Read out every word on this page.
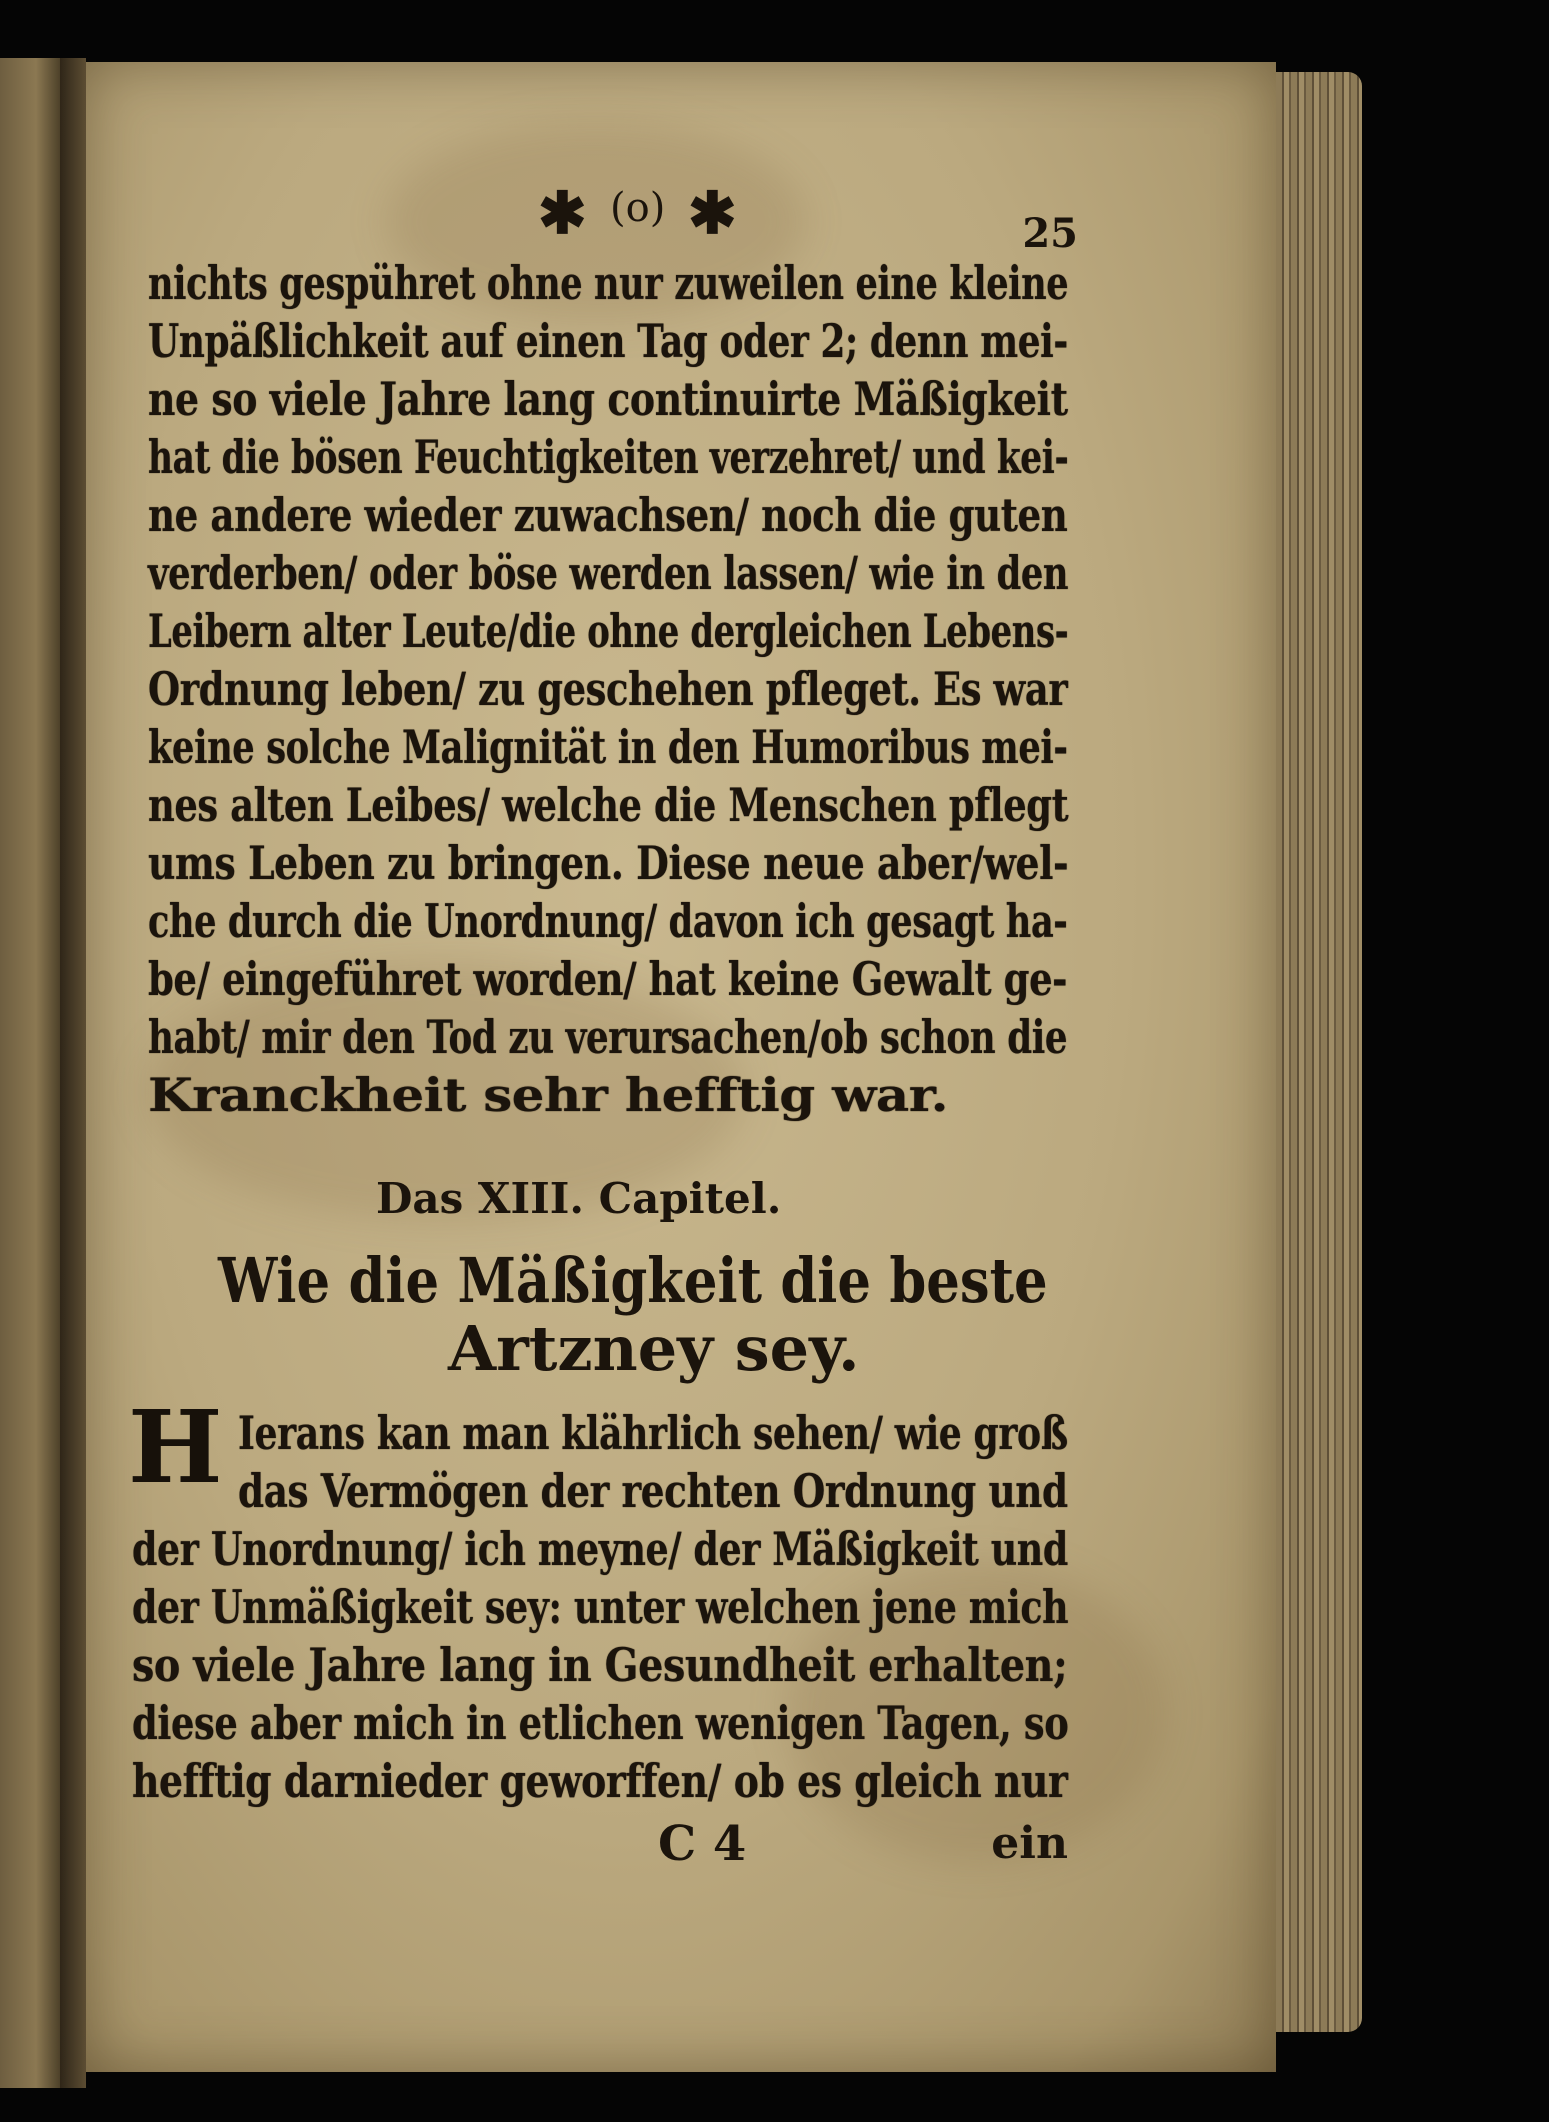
✱ (o) ✱	25
nichts gespühret ohne nur zuweilen eine kleine
Unpäßlichkeit auf einen Tag oder 2; denn mei-
ne so viele Jahre lang continuirte Mäßigkeit
hat die bösen Feuchtigkeiten verzehret/ und kei-
ne andere wieder zuwachsen/ noch die guten
verderben/ oder böse werden lassen/ wie in den
Leibern alter Leute/die ohne dergleichen Lebens-
Ordnung leben/ zu geschehen pfleget. Es war
keine solche Malignität in den Humoribus mei-
nes alten Leibes/ welche die Menschen pflegt
ums Leben zu bringen. Diese neue aber/wel-
che durch die Unordnung/ davon ich gesagt ha-
be/ eingeführet worden/ hat keine Gewalt ge-
habt/ mir den Tod zu verursachen/ob schon die
Kranckheit sehr hefftig war.
Das XIII. Capitel.
Wie die Mäßigkeit die beste
Artzney sey.
H Ierans kan man klährlich sehen/ wie groß
das Vermögen der rechten Ordnung und
der Unordnung/ ich meyne/ der Mäßigkeit und
der Unmäßigkeit sey: unter welchen jene mich
so viele Jahre lang in Gesundheit erhalten;
diese aber mich in etlichen wenigen Tagen, so
hefftig darnieder geworffen/ ob es gleich nur
C 4	ein
